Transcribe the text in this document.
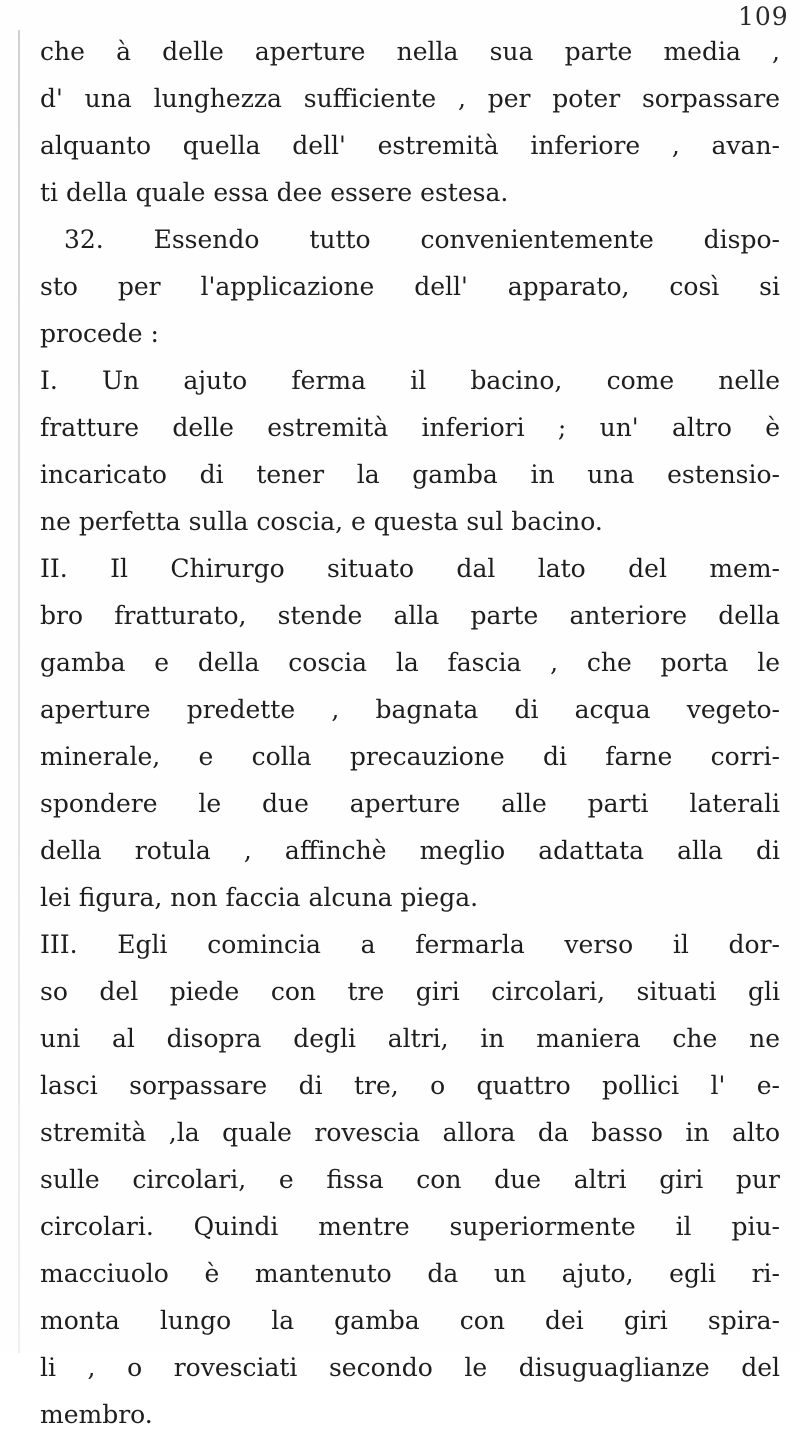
109
che à delle aperture nella sua parte media ,
d' una lunghezza sufficiente , per poter sorpassare
alquanto quella dell' estremità inferiore , avan-
ti della quale essa dee essere estesa.
32. Essendo tutto convenientemente dispo-
sto per l'applicazione dell' apparato, così si
procede :
I. Un ajuto ferma il bacino, come nelle
fratture delle estremità inferiori ; un' altro è
incaricato di tener la gamba in una estensio-
ne perfetta sulla coscia, e questa sul bacino.
II. Il Chirurgo situato dal lato del mem-
bro fratturato, stende alla parte anteriore della
gamba e della coscia la fascia , che porta le
aperture predette , bagnata di acqua vegeto-
minerale, e colla precauzione di farne corri-
spondere le due aperture alle parti laterali
della rotula , affinchè meglio adattata alla di
lei figura, non faccia alcuna piega.
III. Egli comincia a fermarla verso il dor-
so del piede con tre giri circolari, situati gli
uni al disopra degli altri, in maniera che ne
lasci sorpassare di tre, o quattro pollici l' e-
stremità ,la quale rovescia allora da basso in alto
sulle circolari, e fissa con due altri giri pur
circolari. Quindi mentre superiormente il piu-
macciuolo è mantenuto da un ajuto, egli ri-
monta lungo la gamba con dei giri spira-
li , o rovesciati secondo le disuguaglianze del
membro.
